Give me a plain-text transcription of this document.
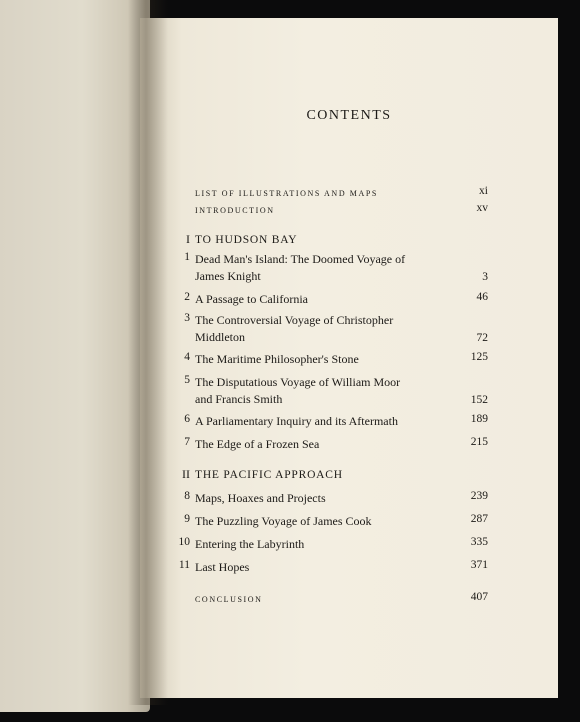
CONTENTS
LIST OF ILLUSTRATIONS AND MAPS	xi
INTRODUCTION	xv
I TO HUDSON BAY
1 Dead Man's Island: The Doomed Voyage of
James Knight	3
2 A Passage to California	46
3 The Controversial Voyage of Christopher
Middleton	72
4 The Maritime Philosopher's Stone	125
5 The Disputatious Voyage of William Moor
and Francis Smith	152
6 A Parliamentary Inquiry and its Aftermath	189
7 The Edge of a Frozen Sea	215
II THE PACIFIC APPROACH
8 Maps, Hoaxes and Projects	239
9 The Puzzling Voyage of James Cook	287
10 Entering the Labyrinth	335
11 Last Hopes	371
CONCLUSION	407
